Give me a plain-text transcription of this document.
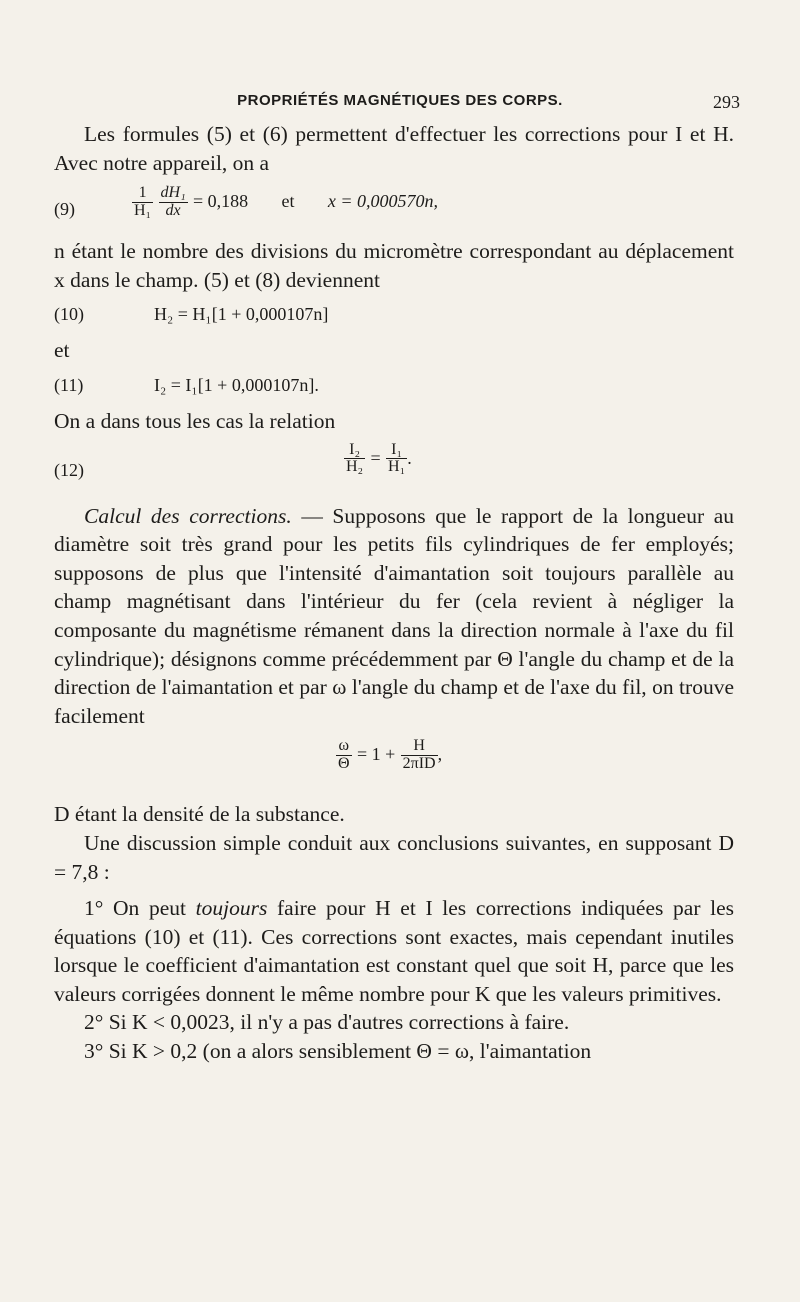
PROPRIÉTÉS MAGNÉTIQUES DES CORPS.	293

Les formules (5) et (6) permettent d'effectuer les corrections pour I et H. Avec notre appareil, on a

(9)	$\frac{1}{\text{H₁}}$
$\frac{\text{dH₁}}{dx} = 0,188$ et x = 0,000570n,

n étant le nombre des divisions du micromètre correspondant au déplacement x dans le champ. (5) et (8) deviennent

(10)	H₂ = H₁[1 + 0,000107n]

et

(11)	I₂ = I₁[1 + 0,000107n].

On a dans tous les cas la relation

(12)	$\frac{\text{I₂}}{\text{H₂}} = \frac{\text{I₁}}{\text{H₁}}$ .

Calcul des corrections. — Supposons que le rapport de la longueur au diamètre soit très grand pour les petits fils cylindriques de fer employés; supposons de plus que l'intensité d'aimantation soit toujours parallèle au champ magnétisant dans l'intérieur du fer (cela revient à négliger la composante du magnétisme rémanent dans la direction normale à l'axe du fil cylindrique); désignons comme précédemment par Θ l'angle du champ et de la direction de l'aimantation et par ω l'angle du champ et de l'axe du fil, on trouve facilement

$\frac{\omega}{\Theta} = 1 + \frac{H}{\text{2πID}}$ ,

D étant la densité de la substance.

Une discussion simple conduit aux conclusions suivantes, en supposant D = 7,8 :

1° On peut toujours faire pour H et I les corrections indiquées par les équations (10) et (11). Ces corrections sont exactes, mais cependant inutiles lorsque le coefficient d'aimantation est constant quel que soit H, parce que les valeurs corrigées donnent le même nombre pour K que les valeurs primitives.

2° Si K < 0,0023, il n'y a pas d'autres corrections à faire.

3° Si K > 0,2 (on a alors sensiblement Θ = ω, l'aimantation
